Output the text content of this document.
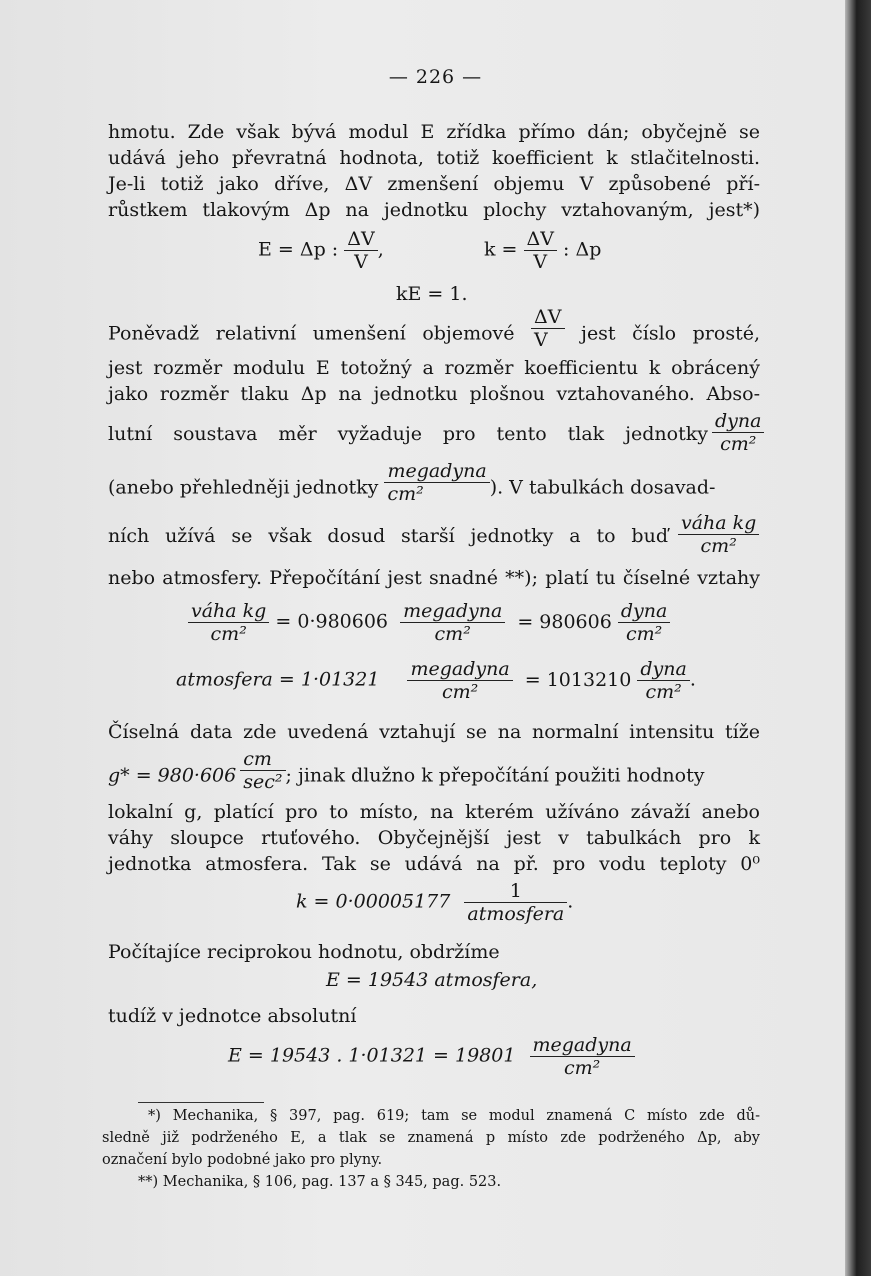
— 226 —
hmotu. Zde však bývá modul E zřídka přímo dán; obyčejně se
udává jeho převratná hodnota, totiž koefficient k stlačitelnosti.
Je-li totiž jako dříve, ΔV zmenšení objemu V způsobené pří-
růstkem tlakovým Δp na jednotku plochy vztahovaným, jest*)
E = Δp : $\frac{\Delta V}{V}$ ,	$k = \frac{\Delta V}{V}$ : Δp
kE = 1.
Poněvadž relativní umenšení objemové $\frac{\Delta V}{V}$ jest číslo prosté,
jest rozměr modulu E totožný a rozměr koefficientu k obrácený
jako rozměr tlaku Δp na jednotku plošnou vztahovaného. Abso-
lutní soustava měr vyžaduje pro tento tlak jednotky $\frac{\text{dyna}}{\text{cm²}}$
(anebo přehledněji jednotky $\frac{\text{megadyna}}{\text{cm²}}$ ). V tabulkách dosavad-
ních užívá se však dosud starší jednotky a to buď $\frac{\text{váha kg}}{\text{cm²}}$
nebo atmosfery. Přepočítání jest snadné **); platí tu číselné vztahy
$\frac{\text{váha kg}}{\text{cm²}} = 0\cdot 980606 \frac{\text{megadyna}}{\text{cm²}} = 980606 \frac{\text{dyna}}{\text{cm²}}$
atmosfera = $1\cdot 01321 \frac{\text{megadyna}}{\text{cm²}} = 1013210 \frac{\text{dyna}}{\text{cm²}}$ .
Číselná data zde uvedená vztahují se na normalní intensitu tíže
$g* = 980\cdot 606 \frac{cm}{\text{sec²}}$ ; jinak dlužno k přepočítání použiti hodnoty
lokalní g, platící pro to místo, na kterém užíváno závaží anebo
váhy sloupce rtuťového. Obyčejnější jest v tabulkách pro k
jednotka atmosfera. Tak se udává na př. pro vodu teploty 0⁰
$k = 0\cdot 00005177 \frac{1}{\text{atmosfera}}$ .
Počítajíce reciprokou hodnotu, obdržíme
E = 19543 atmosfera,
tudíž v jednotce absolutní
E = 19543 . $1\cdot 01321 = 19801 \frac{\text{megadyna}}{\text{cm²}}$
*) Mechanika, § 397, pag. 619; tam se modul znamená C místo zde dů-
sledně již podrženého E, a tlak se znamená p místo zde podrženého Δp, aby
označení bylo podobné jako pro plyny.
**) Mechanika, § 106, pag. 137 a § 345, pag. 523.
